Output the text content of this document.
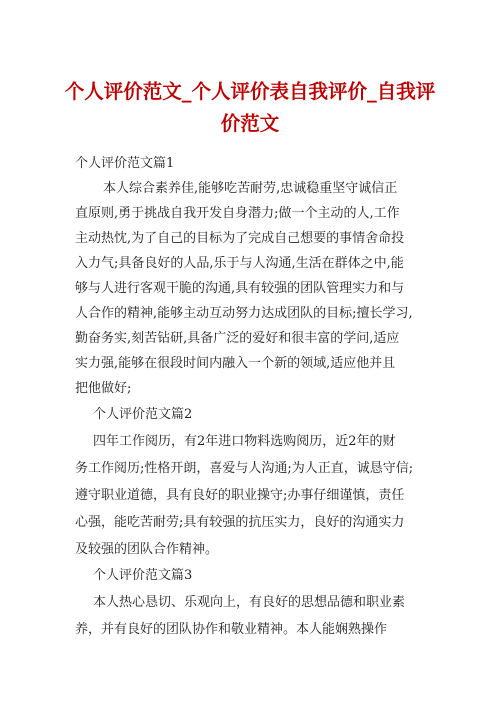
个人评价范文_个人评价表自我评价_自我评
价范文

个人评价范文篇1

本人综合素养佳,能够吃苦耐劳,忠诚稳重坚守诚信正

直原则,勇于挑战自我开发自身潜力;做一个主动的人,工作

主动热忱,为了自己的目标为了完成自己想要的事情舍命投

入力气;具备良好的人品,乐于与人沟通,生活在群体之中,能

够与人进行客观干脆的沟通,具有较强的团队管理实力和与

人合作的精神,能够主动互动努力达成团队的目标;擅长学习,

勤奋务实,刻苦钻研,具备广泛的爱好和很丰富的学问,适应

实力强,能够在很段时间内融入一个新的领域,适应他并且

把他做好;

个人评价范文篇2

四年工作阅历，有2年进口物料选购阅历，近2年的财

务工作阅历;性格开朗，喜爱与人沟通;为人正直，诚恳守信;

遵守职业道德，具有良好的职业操守;办事仔细谨慎，责任

心强，能吃苦耐劳;具有较强的抗压实力，良好的沟通实力

及较强的团队合作精神。

个人评价范文篇3

本人热心恳切、乐观向上，有良好的思想品德和职业素

养，并有良好的团队协作和敬业精神。本人能娴熟操作
